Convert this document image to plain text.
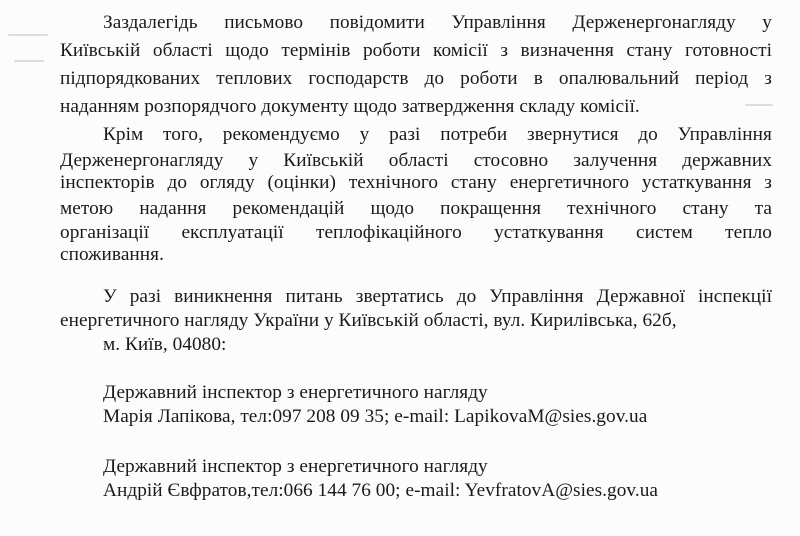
Заздалегідь письмово повідомити Управління Держенергонагляду у
Київській області щодо термінів роботи комісії з визначення стану готовності
підпорядкованих теплових господарств до роботи в опалювальний період з
наданням розпорядчого документу щодо затвердження складу комісії.
Крім того, рекомендуємо у разі потреби звернутися до Управління
Держенергонагляду у Київській області стосовно залучення державних
інспекторів до огляду (оцінки) технічного стану енергетичного устаткування з
метою надання рекомендацій щодо покращення технічного стану та
організації експлуатації теплофікаційного устаткування систем тепло
споживання.
У разі виникнення питань звертатись до Управління Державної інспекції
енергетичного нагляду України у Київській області, вул. Кирилівська, 62б,
м. Київ, 04080:
Державний інспектор з енергетичного нагляду
Марія Лапікова, тел:097 208 09 35; e-mail: LapikovaM@sies.gov.ua
Державний інспектор з енергетичного нагляду
Андрій Євфратов,тел:066 144 76 00; e-mail: YevfratovA@sies.gov.ua
